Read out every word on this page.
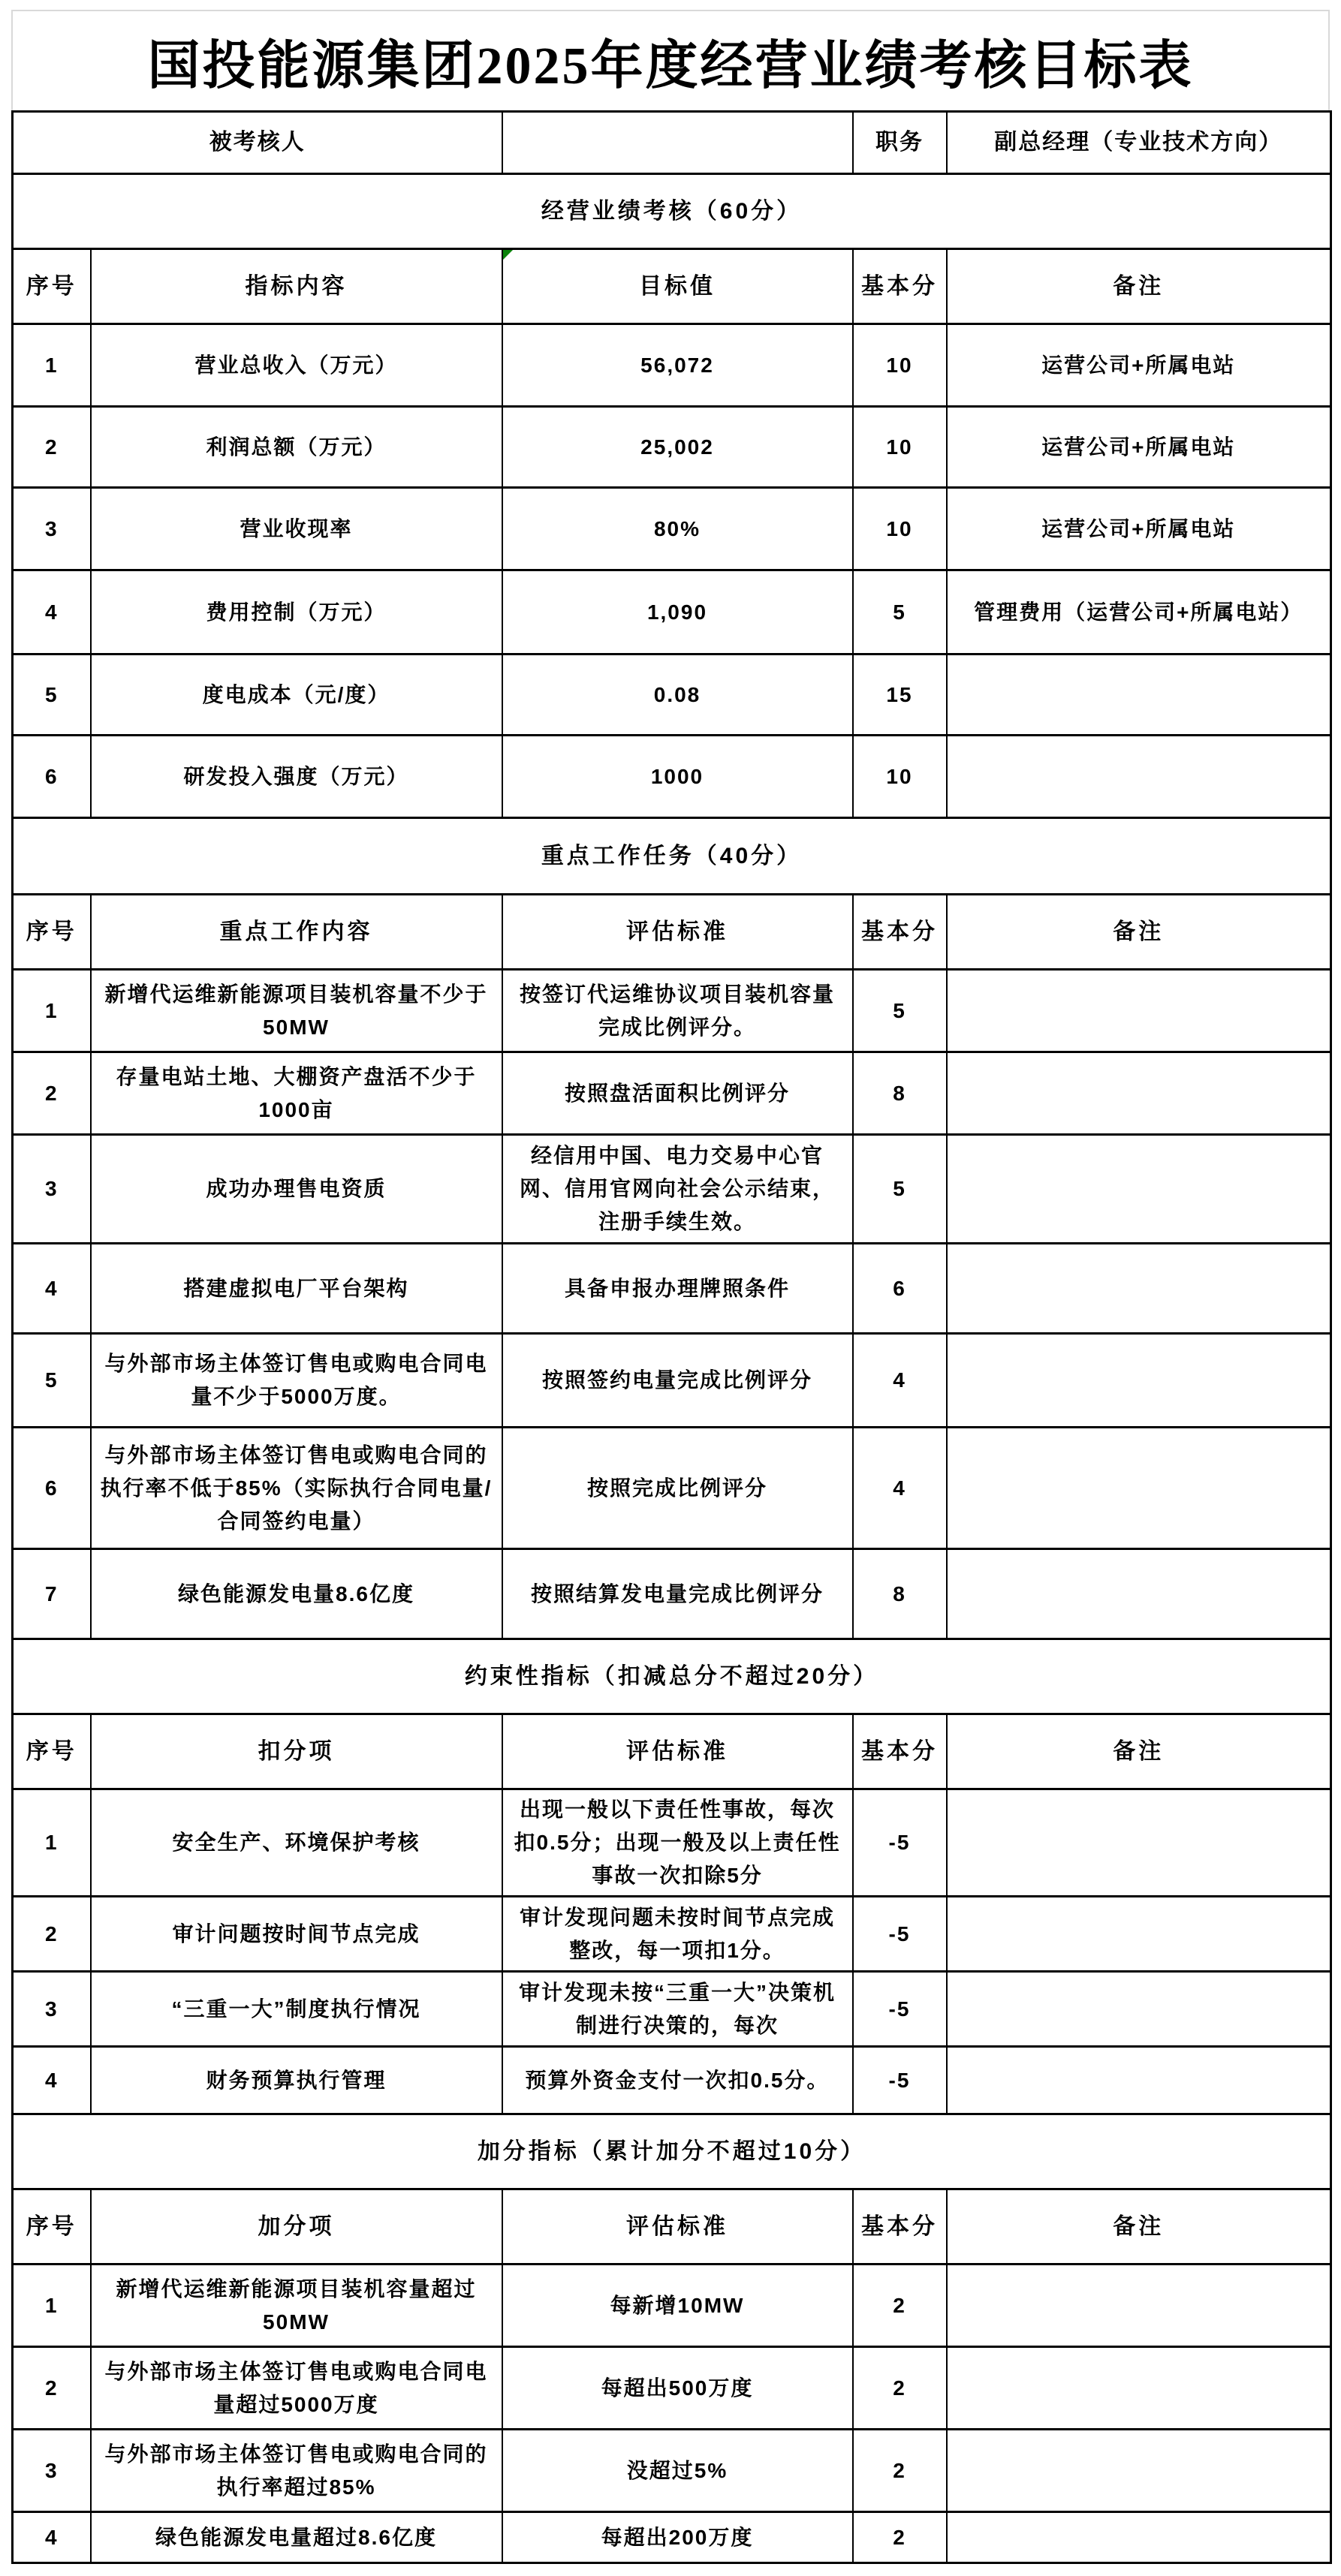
国投能源集团2025年度经营业绩考核目标表
被考核人			职务	副总经理（专业技术方向）
经营业绩考核（60分）				
序号	指标内容	目标值	基本分	备注
1	营业总收入（万元）	56,072	10	运营公司+所属电站
2	利润总额（万元）	25,002	10	运营公司+所属电站
3	营业收现率	80%	10	运营公司+所属电站
4	费用控制（万元）	1,090	5	管理费用（运营公司+所属电站）
5	度电成本（元/度）	0.08	15	
6	研发投入强度（万元）	1000	10	
重点工作任务（40分）				
序号	重点工作内容	评估标准	基本分	备注
1	新增代运维新能源项目装机容量不少于50MW	按签订代运维协议项目装机容量完成比例评分。	5	
2	存量电站土地、大棚资产盘活不少于1000亩	按照盘活面积比例评分	8	
3	成功办理售电资质	经信用中国、电力交易中心官网、信用官网向社会公示结束，注册手续生效。	5	
4	搭建虚拟电厂平台架构	具备申报办理牌照条件	6	
5	与外部市场主体签订售电或购电合同电量不少于5000万度。	按照签约电量完成比例评分	4	
6	与外部市场主体签订售电或购电合同的执行率不低于85%（实际执行合同电量/合同签约电量）	按照完成比例评分	4	
7	绿色能源发电量8.6亿度	按照结算发电量完成比例评分	8	
约束性指标（扣减总分不超过20分）				
序号	扣分项	评估标准	基本分	备注
1	安全生产、环境保护考核	出现一般以下责任性事故，每次扣0.5分；出现一般及以上责任性事故一次扣除5分	-5	
2	审计问题按时间节点完成	审计发现问题未按时间节点完成整改，每一项扣1分。	-5	
3	“三重一大”制度执行情况	审计发现未按“三重一大”决策机制进行决策的，每次	-5	
4	财务预算执行管理	预算外资金支付一次扣0.5分。	-5	
加分指标（累计加分不超过10分）				
序号	加分项	评估标准	基本分	备注
1	新增代运维新能源项目装机容量超过50MW	每新增10MW	2	
2	与外部市场主体签订售电或购电合同电量超过5000万度	每超出500万度	2	
3	与外部市场主体签订售电或购电合同的执行率超过85%	没超过5%	2	
4	绿色能源发电量超过8.6亿度	每超出200万度	2	
